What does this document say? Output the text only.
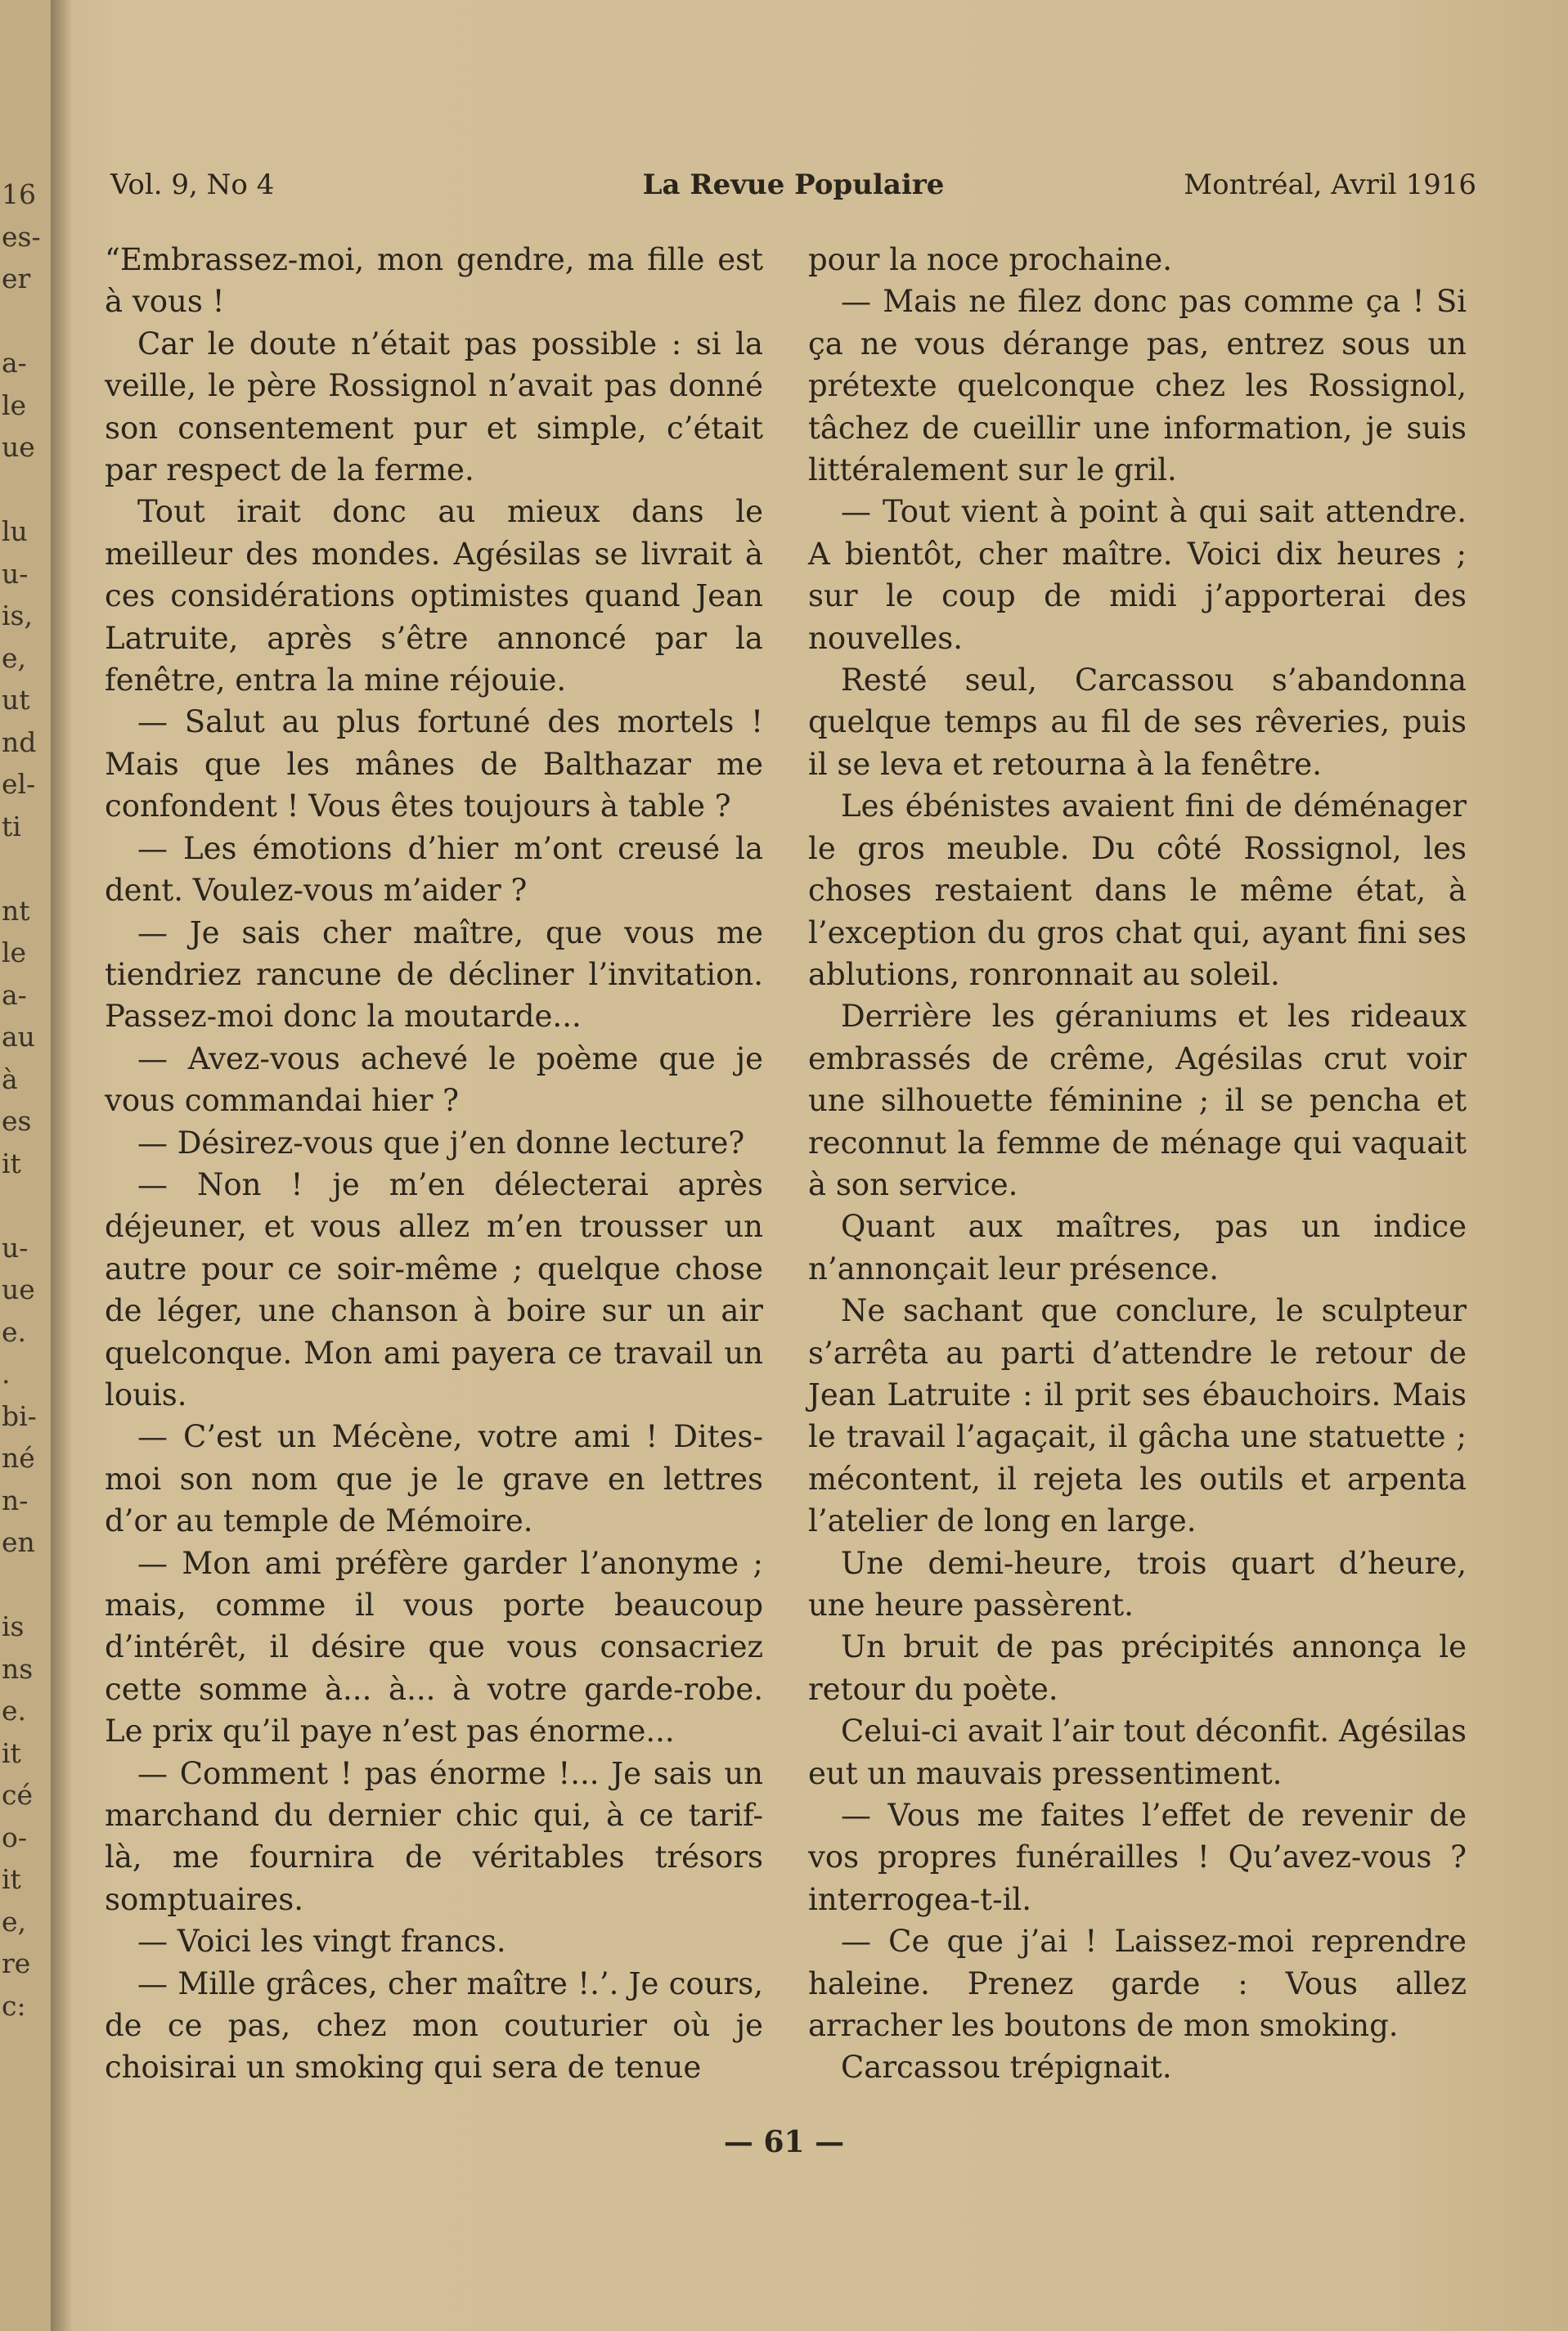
16
es-
er
a-
le
ue
lu
u-
is,
e,
ut
nd
el-
ti
nt
le
a-
au
à
es
it
u-
ue
e.
.
bi-
né
n-
en
is
ns
e.
it
cé
o-
it
e,
re
c:
Vol. 9, No 4	La Revue Populaire	Montréal, Avril 1916

“Embrassez-moi, mon gendre, ma fille est à vous !

Car le doute n’était pas possible : si la veille, le père Rossignol n’avait pas donné son consentement pur et simple, c’était par respect de la ferme.

Tout irait donc au mieux dans le meilleur des mondes. Agésilas se livrait à ces considérations optimistes quand Jean Latruite, après s’être annoncé par la fenêtre, entra la mine réjouie.

— Salut au plus fortuné des mortels ! Mais que les mânes de Balthazar me confondent ! Vous êtes toujours à table ?

— Les émotions d’hier m’ont creusé la dent. Voulez-vous m’aider ?

— Je sais cher maître, que vous me tiendriez rancune de décliner l’invitation. Passez-moi donc la moutarde...

— Avez-vous achevé le poème que je vous commandai hier ?

— Désirez-vous que j’en donne lecture?

— Non ! je m’en délecterai après déjeuner, et vous allez m’en trousser un autre pour ce soir-même ; quelque chose de léger, une chanson à boire sur un air quelconque. Mon ami payera ce travail un louis.

— C’est un Mécène, votre ami ! Dites-moi son nom que je le grave en lettres d’or au temple de Mémoire.

— Mon ami préfère garder l’anonyme ; mais, comme il vous porte beaucoup d’intérêt, il désire que vous consacriez cette somme à... à... à votre garde-robe. Le prix qu’il paye n’est pas énorme...

— Comment ! pas énorme !... Je sais un marchand du dernier chic qui, à ce tarif-là, me fournira de véritables trésors somptuaires.

— Voici les vingt francs.

— Mille grâces, cher maître !.’. Je cours, de ce pas, chez mon couturier où je choisirai un smoking qui sera de tenue

pour la noce prochaine.

— Mais ne filez donc pas comme ça ! Si ça ne vous dérange pas, entrez sous un prétexte quelconque chez les Rossignol, tâchez de cueillir une information, je suis littéralement sur le gril.

— Tout vient à point à qui sait attendre. A bientôt, cher maître. Voici dix heures ; sur le coup de midi j’apporterai des nouvelles.

Resté seul, Carcassou s’abandonna quelque temps au fil de ses rêveries, puis il se leva et retourna à la fenêtre.

Les ébénistes avaient fini de déménager le gros meuble. Du côté Rossignol, les choses restaient dans le même état, à l’exception du gros chat qui, ayant fini ses ablutions, ronronnait au soleil.

Derrière les géraniums et les rideaux embrassés de crême, Agésilas crut voir une silhouette féminine ; il se pencha et reconnut la femme de ménage qui vaquait à son service.

Quant aux maîtres, pas un indice n’annonçait leur présence.

Ne sachant que conclure, le sculpteur s’arrêta au parti d’attendre le retour de Jean Latruite : il prit ses ébauchoirs. Mais le travail l’agaçait, il gâcha une statuette ; mécontent, il rejeta les outils et arpenta l’atelier de long en large.

Une demi-heure, trois quart d’heure, une heure passèrent.

Un bruit de pas précipités annonça le retour du poète.

Celui-ci avait l’air tout déconfit. Agésilas eut un mauvais pressentiment.

— Vous me faites l’effet de revenir de vos propres funérailles ! Qu’avez-vous ? interrogea-t-il.

— Ce que j’ai ! Laissez-moi reprendre haleine. Prenez garde : Vous allez arracher les boutons de mon smoking.

Carcassou trépignait.

— 61 —
